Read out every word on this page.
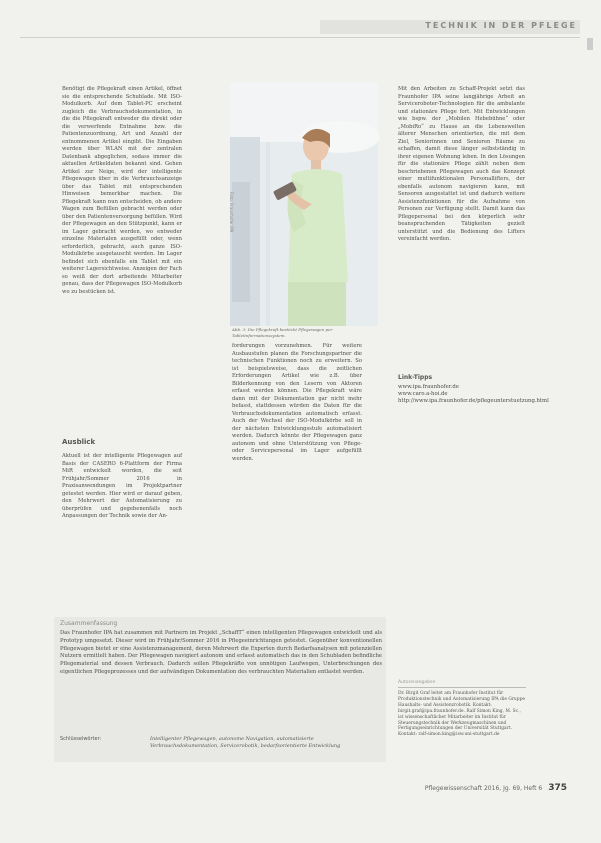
TECHNIK IN DER PFLEGE

Benötigt die Pflegekraft einen Artikel, öffnet sie die entsprechende Schublade. Mit ISO-Modulkorb. Auf dem Tablet-PC erscheint zugleich die Verbrauchsdokumentation, in die die Pflegekraft entweder die direkt oder die verwerfende Entnahme bzw. die Patientenzuordnung, Art und Anzahl der entnommenen Artikel eingibt. Die Eingaben werden über WLAN mit der zentralen Datenbank abgeglichen, sodass immer die aktuellen Artikeldaten bekannt sind. Gehen Artikel zur Neige, wird der intelligente Pflegewagen über in die Verbrauchsanzeige über das Tablet mit entsprechenden Hinweisen bemerkbar machen. Die Pflegekraft kann nun entscheiden, ob andere Wagen zum Befüllen gebracht werden oder über den Patientenversorgung befüllen. Wird der Pflegewagen an den Stützpunkt, kann er im Lager gebracht werden, wo entweder einzelne Materialen ausgefüllt oder, wenn erforderlich, gebracht, auch ganze ISO-Modulkörbe ausgetauscht werden. Im Lager befindet sich ebenfalls ein Tablet mit ein weiterer Lagersichtweise. Anzeigen der Fach so weiß der dort arbeitende Mitarbeiter genau, dass der Pflegewagen ISO-Modulkorb wo zu bestücken ist.

Ausblick

Aktuell ist der intelligente Pflegewagen auf Basis der CASERO 6-Plattform der Firma MiR entwickelt worden, die seit Frühjahr/Sommer 2016 in Praxisanwendungen im Projektpartner getestet werden. Hier wird er darauf geben, den Mehrwert der Automatisierung zu überprüfen und gegebenenfalls noch Anpassungen der Technik sowie der An-

Foto: Fraunhofer IPA
Abb. 3: Die Pflegekraft bestückt Pflegewagen per Tabletinformationssystem.

forderungen vorzunehmen. Für weitere Ausbaustufen planen die Forschungspartner die technischen Funktionen noch zu erweitern. So ist beispielsweise, dass die zeitlichen Erforderungen Artikel wie z.B. über Bilderkennung von den Lesern von Aktoren erfasst werden können. Die Pflegekraft wäre dann mit der Dokumentation gar nicht mehr befasst, stattdessen würden die Daten für die Verbrauchsdokumentation automatisch erfasst. Auch der Wechsel der ISO-Modulkörbe soll in der nächsten Entwicklungsstufe automatisiert werden. Dadurch könnte der Pflegewagen ganz autonom und ohne Unterstützung von Pflege- oder Servicepersonal im Lager aufgefüllt werden.

Mit den Arbeiten zu Schaff-Projekt setzt das Fraunhofer IPA seine langjährige Arbeit an Serviceroboter-Technologien für die ambulante und stationäre Pflege fort. Mit Entwicklungen wie bspw. der „Mobilen Hebebühne“ oder „MobiRo“ zu Hause an die Lebenswelten älterer Menschen orientierten, die mit dem Ziel, Seniorinnen und Senioren Räume zu schaffen, damit diese länger selbstständig in ihrer eigenen Wohnung leben. In den Lösungen für die stationäre Pflege zählt neben dem beschriebenen Pflegewagen auch das Konzept einer multifunktionalen Personallifters, der ebenfalls autonom navigieren kann, mit Sensoren ausgestattet ist und dadurch weitere Assistenzfunktionen für die Aufnahme von Personen zur Verfügung stellt. Damit kann das Pflegepersonal bei den körperlich sehr beanspruchenden Tätigkeiten gezielt unterstützt und die Bedienung des Lifters vereinfacht werden.

Link-Tipps
www.ipa.fraunhofer.de
www.caro.a-hoi.de
http://www.ipa.fraunhofer.de/pflegeunterstuetzung.html
Zusammenfassung
Das Fraunhofer IPA hat zusammen mit Partnern im Projekt „SchaffT“ einen intelligenten Pflegewagen entwickelt und als Prototyp umgesetzt. Dieser wird im Frühjahr/Sommer 2016 in Pflegeeinrichtungen getestet. Gegenüber konventionellen Pflegewagen bietet er eine Assistenzmanagement, deren Mehrwert die Experten durch Bedarfsanalysen mit potenziellen Nutzern ermittelt haben. Der Pflegewagen navigiert autonom und erfasst automatisch das in den Schubladen befindliche Pflegematerial und dessen Verbrauch. Dadurch sollen Pflegekräfte von unnötigen Laufwegen, Unterbrechungen des eigentlichen Pflegeprozesses und der aufwändigen Dokumentation des verbrauchten Materialien entlastet werden.
Schlüsselwörter:	Intelligenter Pflegewagen, autonome Navigation, automatisierte Verbrauchsdokumentation, Servicerobotik, bedarfsorientierte Entwicklung
Autorenangaben
Dr. Birgit Graf leitet am Fraunhofer Institut für Produktionstechnik und Automatisierung IPA die Gruppe Haushalts- und Assistenzrobotik. Kontakt: birgit.graf@ipa.fraunhofer.de. Ralf Simon King, M. Sc., ist wissenschaftlicher Mitarbeiter im Institut für Steuerungstechnik der Werkzeugmaschinen und Fertigungseinrichtungen der Universität Stuttgart. Kontakt: ralf-simon.king@isw.uni-stuttgart.de
Pflegewissenschaft 2016, Jg. 69, Heft 6 375
